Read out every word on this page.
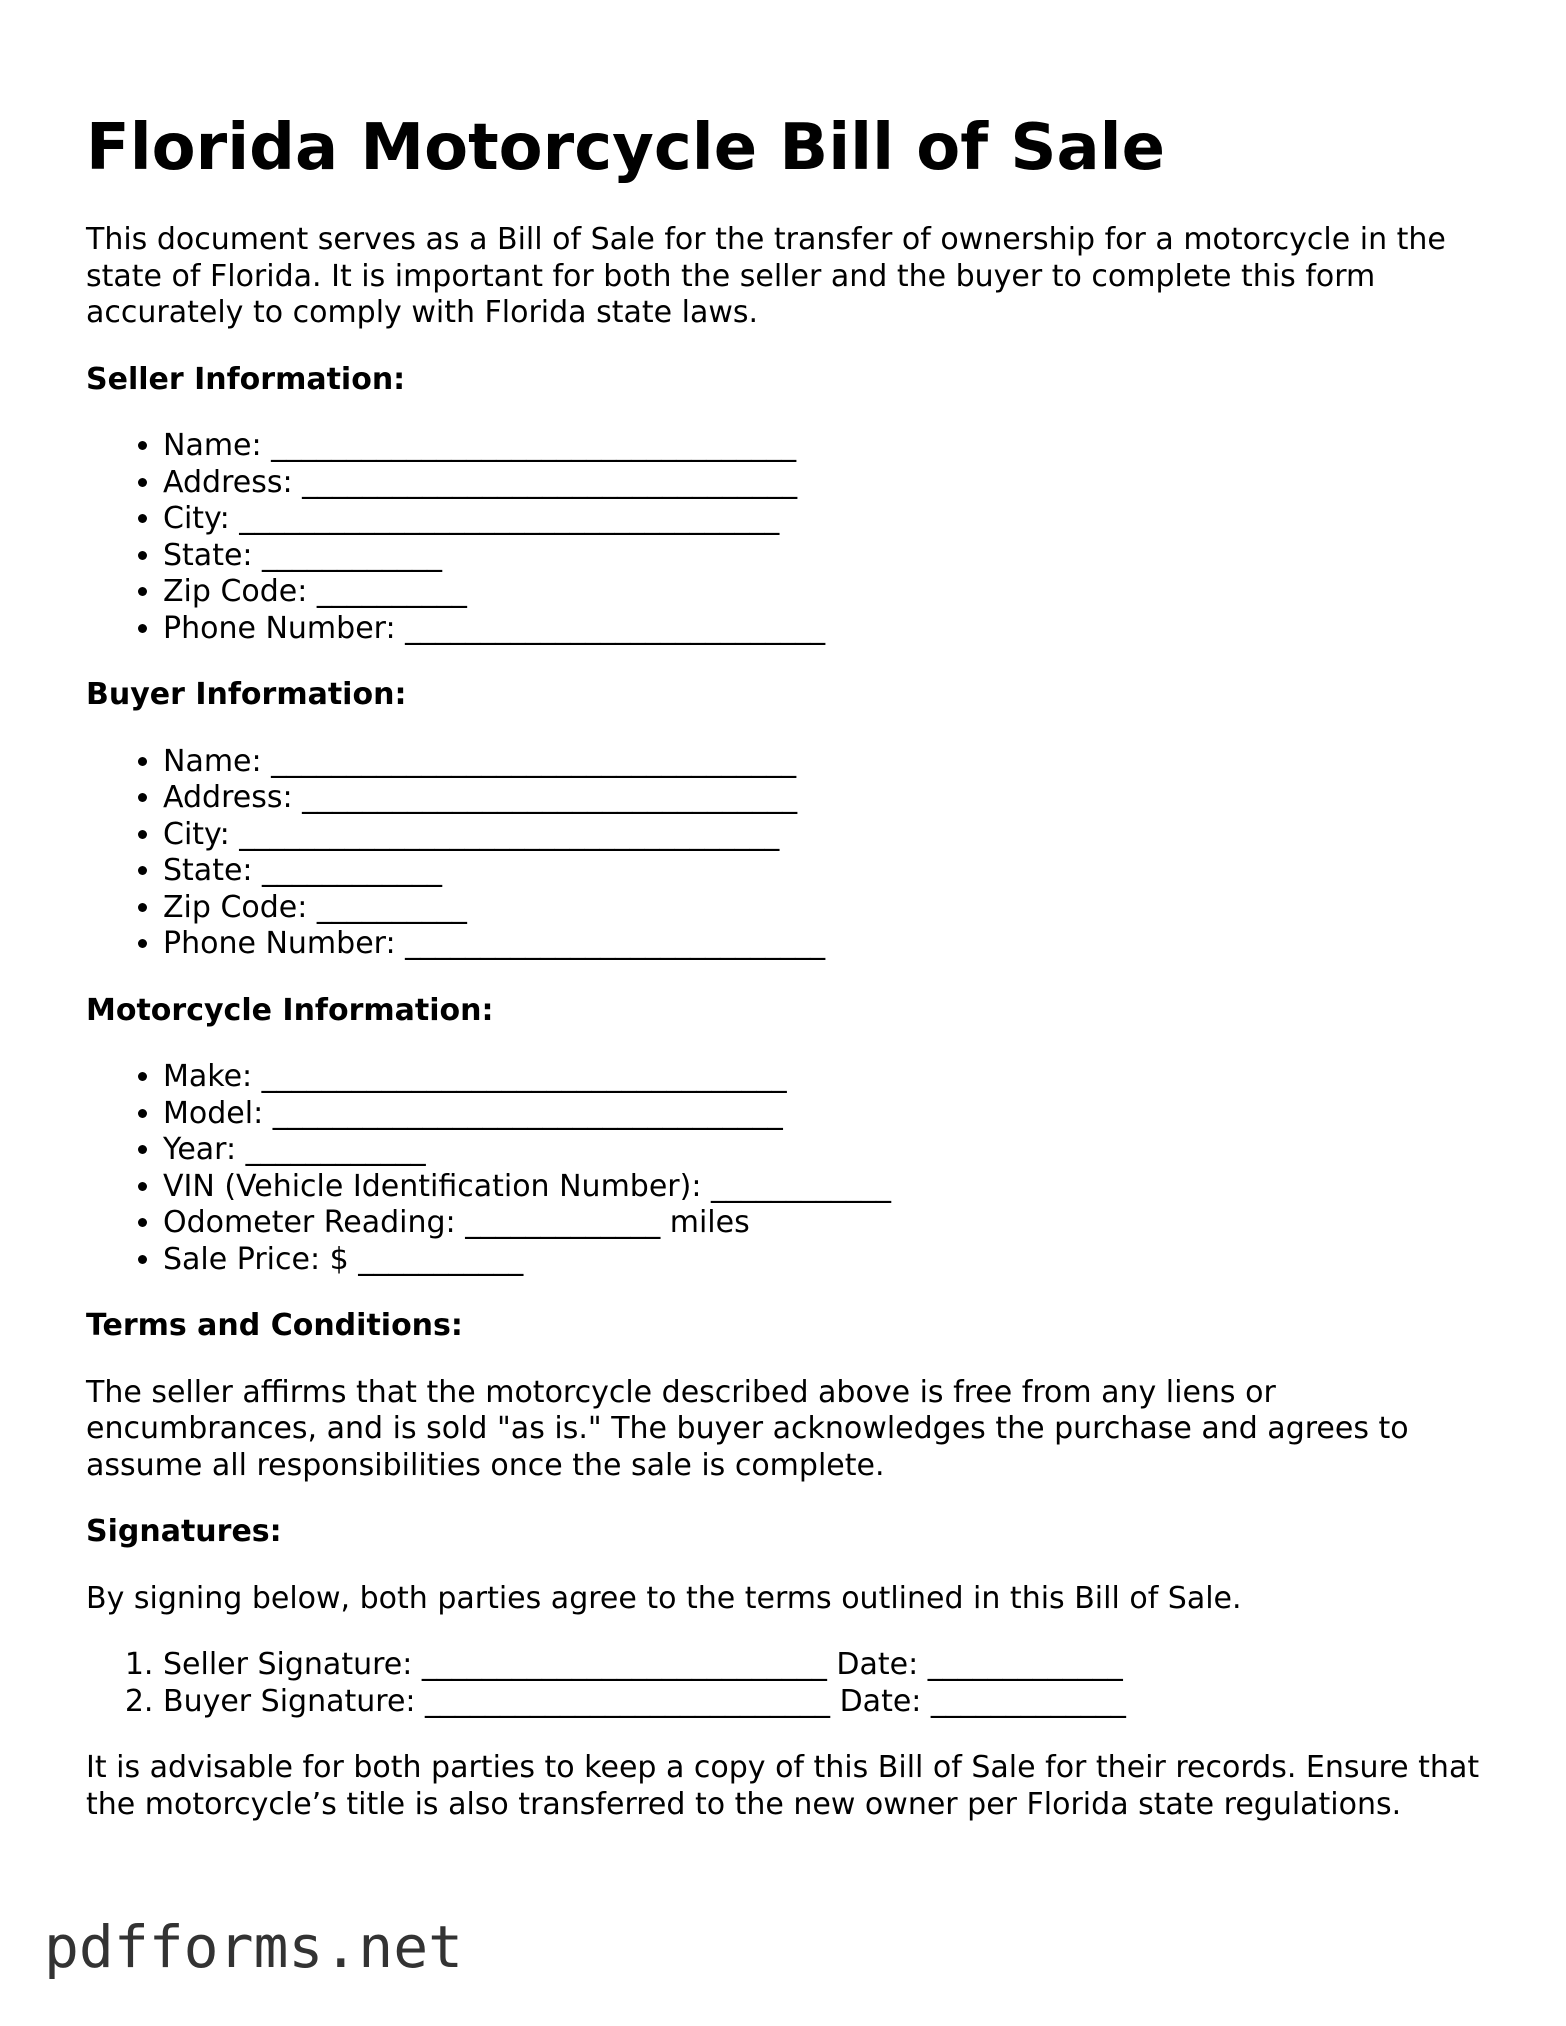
Florida Motorcycle Bill of Sale

This document serves as a Bill of Sale for the transfer of ownership for a motorcycle in the state of Florida. It is important for both the seller and the buyer to complete this form accurately to comply with Florida state laws.

Seller Information:
• Name: ___________________________________
• Address: _________________________________
• City: ____________________________________
• State: ____________
• Zip Code: __________
• Phone Number: ____________________________
Buyer Information:
• Name: ___________________________________
• Address: _________________________________
• City: ____________________________________
• State: ____________
• Zip Code: __________
• Phone Number: ____________________________
Motorcycle Information:
• Make: ___________________________________
• Model: __________________________________
• Year: ____________
• VIN (Vehicle Identification Number): ____________
• Odometer Reading: _____________ miles
• Sale Price: $ ___________
Terms and Conditions:

The seller affirms that the motorcycle described above is free from any liens or encumbrances, and is sold "as is." The buyer acknowledges the purchase and agrees to assume all responsibilities once the sale is complete.

Signatures:

By signing below, both parties agree to the terms outlined in this Bill of Sale.

1. Seller Signature: ___________________________ Date: _____________
2. Buyer Signature: ___________________________ Date: _____________

It is advisable for both parties to keep a copy of this Bill of Sale for their records. Ensure that the motorcycle’s title is also transferred to the new owner per Florida state regulations.

pdfforms.net
